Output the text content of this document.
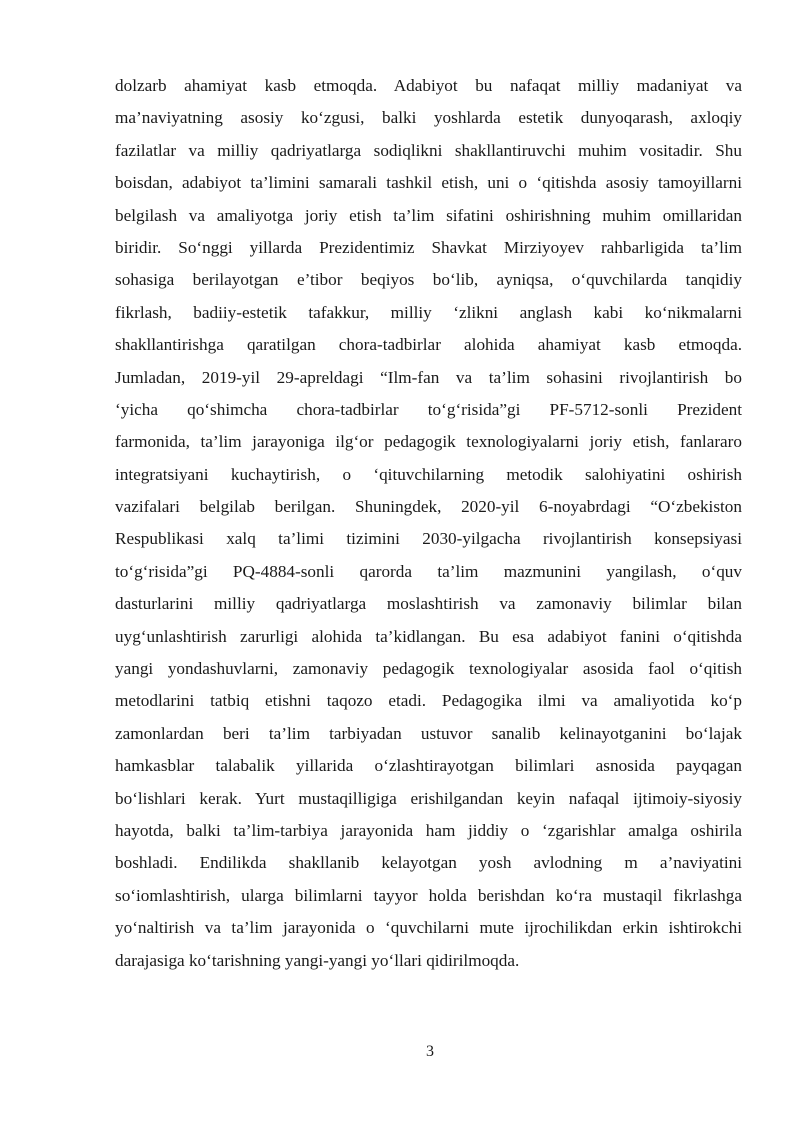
dolzarb ahamiyat kasb etmoqda. Adabiyot bu nafaqat milliy madaniyat va
ma’naviyatning asosiy ko‘zgusi, balki yoshlarda estetik dunyoqarash, axloqiy
fazilatlar va milliy qadriyatlarga sodiqlikni shakllantiruvchi muhim vositadir. Shu
boisdan, adabiyot ta’limini samarali tashkil etish, uni o ‘qitishda asosiy tamoyillarni
belgilash va amaliyotga joriy etish ta’lim sifatini oshirishning muhim omillaridan
biridir. So‘nggi yillarda Prezidentimiz Shavkat Mirziyoyev rahbarligida ta’lim
sohasiga berilayotgan e’tibor beqiyos bo‘lib, ayniqsa, o‘quvchilarda tanqidiy
fikrlash, badiiy-estetik tafakkur, milliy ‘zlikni anglash kabi ko‘nikmalarni
shakllantirishga qaratilgan chora-tadbirlar alohida ahamiyat kasb etmoqda.
Jumladan, 2019-yil 29-apreldagi “Ilm-fan va ta’lim sohasini rivojlantirish bo
‘yicha qo‘shimcha chora-tadbirlar to‘g‘risida”gi PF-5712-sonli Prezident
farmonida, ta’lim jarayoniga ilg‘or pedagogik texnologiyalarni joriy etish, fanlararo
integratsiyani kuchaytirish, o ‘qituvchilarning metodik salohiyatini oshirish
vazifalari belgilab berilgan. Shuningdek, 2020-yil 6-noyabrdagi “O‘zbekiston
Respublikasi xalq ta’limi tizimini 2030-yilgacha rivojlantirish konsepsiyasi
to‘g‘risida”gi PQ-4884-sonli qarorda ta’lim mazmunini yangilash, o‘quv
dasturlarini milliy qadriyatlarga moslashtirish va zamonaviy bilimlar bilan
uyg‘unlashtirish zarurligi alohida ta’kidlangan. Bu esa adabiyot fanini o‘qitishda
yangi yondashuvlarni, zamonaviy pedagogik texnologiyalar asosida faol o‘qitish
metodlarini tatbiq etishni taqozo etadi. Pedagogika ilmi va amaliyotida ko‘p
zamonlardan beri ta’lim tarbiyadan ustuvor sanalib kelinayotganini bo‘lajak
hamkasblar talabalik yillarida o‘zlashtirayotgan bilimlari asnosida payqagan
bo‘lishlari kerak. Yurt mustaqilligiga erishilgandan keyin nafaqal ijtimoiy-siyosiy
hayotda, balki ta’lim-tarbiya jarayonida ham jiddiy o ‘zgarishlar amalga oshirila
boshladi. Endilikda shakllanib kelayotgan yosh avlodning m a’naviyatini
so‘iomlashtirish, ularga bilimlarni tayyor holda berishdan ko‘ra mustaqil fikrlashga
yo‘naltirish va ta’lim jarayonida o ‘quvchilarni mute ijrochilikdan erkin ishtirokchi
darajasiga ko‘tarishning yangi-yangi yo‘llari qidirilmoqda.
3
